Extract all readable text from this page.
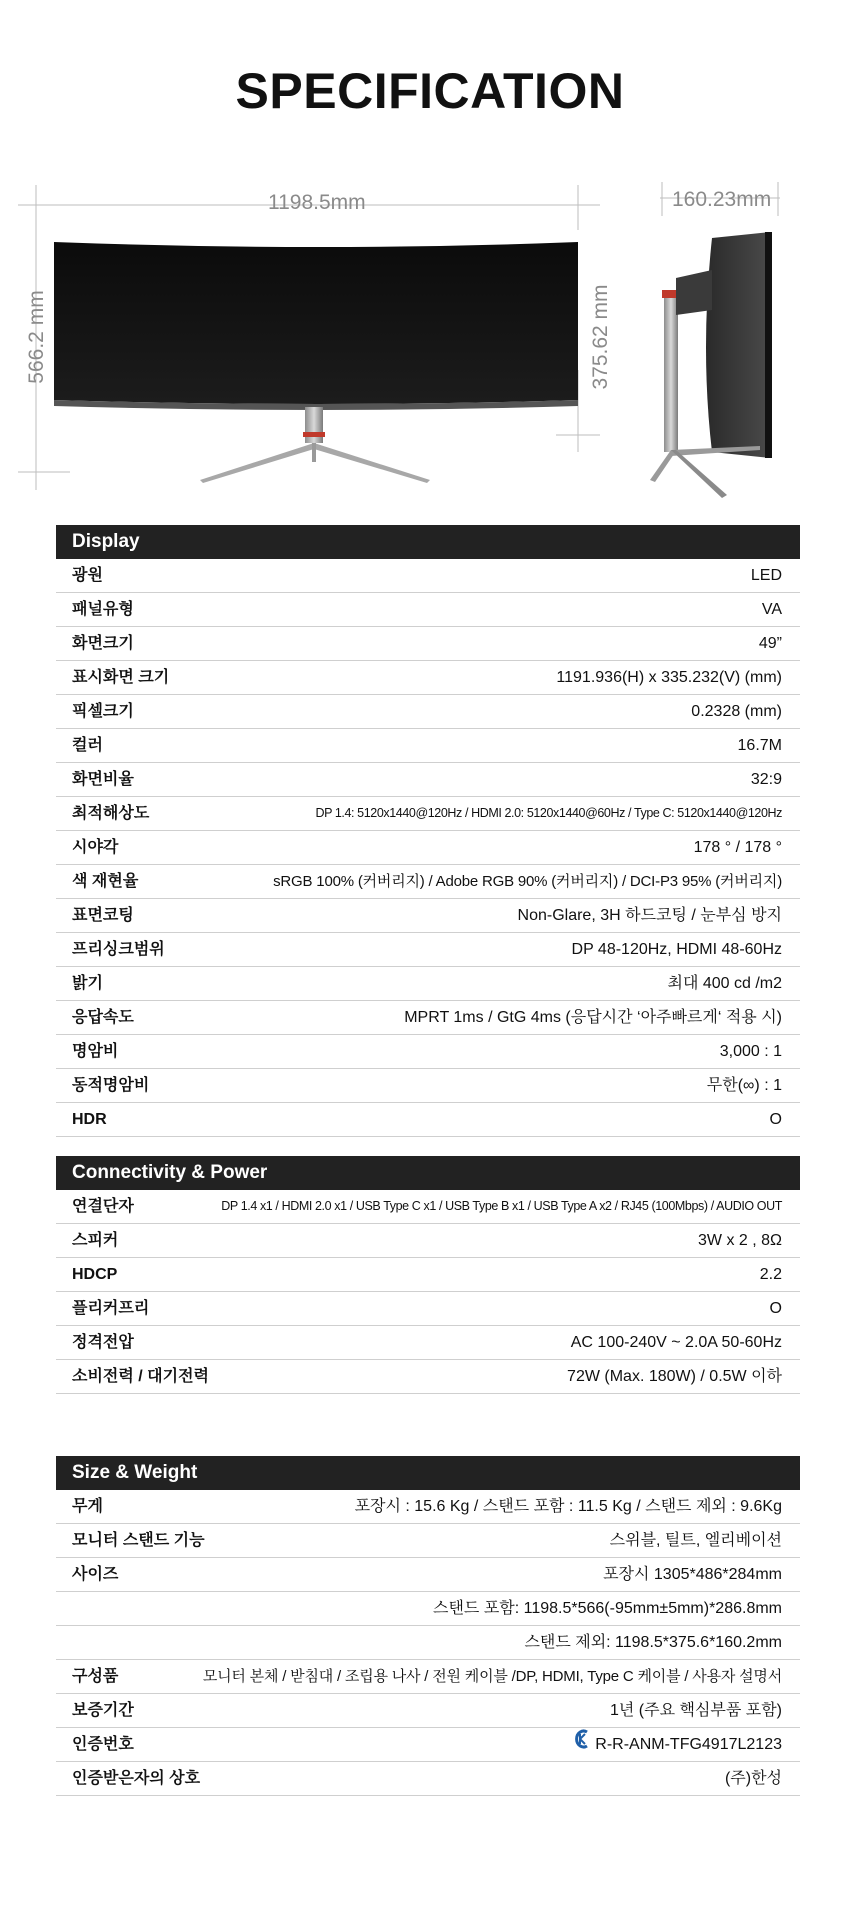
SPECIFICATION
1198.5mm
566.2 mm	375.62 mm
160.23mm
Display
광원	LED
패널유형	VA
화면크기	49”
표시화면 크기	1191.936(H) x 335.232(V) (mm)
픽셀크기	0.2328 (mm)
컬러	16.7M
화면비율	32:9
최적해상도	DP 1.4: 5120x1440@120Hz / HDMI 2.0: 5120x1440@60Hz / Type C: 5120x1440@120Hz
시야각	178 ° / 178 °
색 재현율	sRGB 100% (커버리지) / Adobe RGB 90% (커버리지) / DCI-P3 95% (커버리지)
표면코팅	Non-Glare, 3H 하드코팅 / 눈부심 방지
프리싱크범위	DP 48-120Hz, HDMI 48-60Hz
밝기	최대 400 cd /m2
응답속도	MPRT 1ms / GtG 4ms (응답시간 ‘아주빠르게‘ 적용 시)
명암비	3,000 : 1
동적명암비	무한(∞) : 1
HDR	O
Connectivity & Power
연결단자	DP 1.4 x1 / HDMI 2.0 x1 / USB Type C x1 / USB Type B x1 / USB Type A x2 / RJ45 (100Mbps) / AUDIO OUT
스피커	3W x 2 , 8Ω
HDCP	2.2
플리커프리	O
정격전압	AC 100-240V ~ 2.0A 50-60Hz
소비전력 / 대기전력	72W (Max. 180W) / 0.5W 이하
Size & Weight
무게	포장시 : 15.6 Kg / 스탠드 포함 : 11.5 Kg / 스탠드 제외 : 9.6Kg
모니터 스탠드 기능	스위블, 틸트, 엘리베이션
사이즈	포장시 1305*486*284mm
스탠드 포함: 1198.5*566(-95mm±5mm)*286.8mm
스탠드 제외: 1198.5*375.6*160.2mm
구성품	모니터 본체 / 받침대 / 조립용 나사 / 전원 케이블 /DP, HDMI, Type C 케이블 / 사용자 설명서
보증기간	1년 (주요 핵심부품 포함)
인증번호	R-R-ANM-TFG4917L2123
인증받은자의 상호	(주)한성
